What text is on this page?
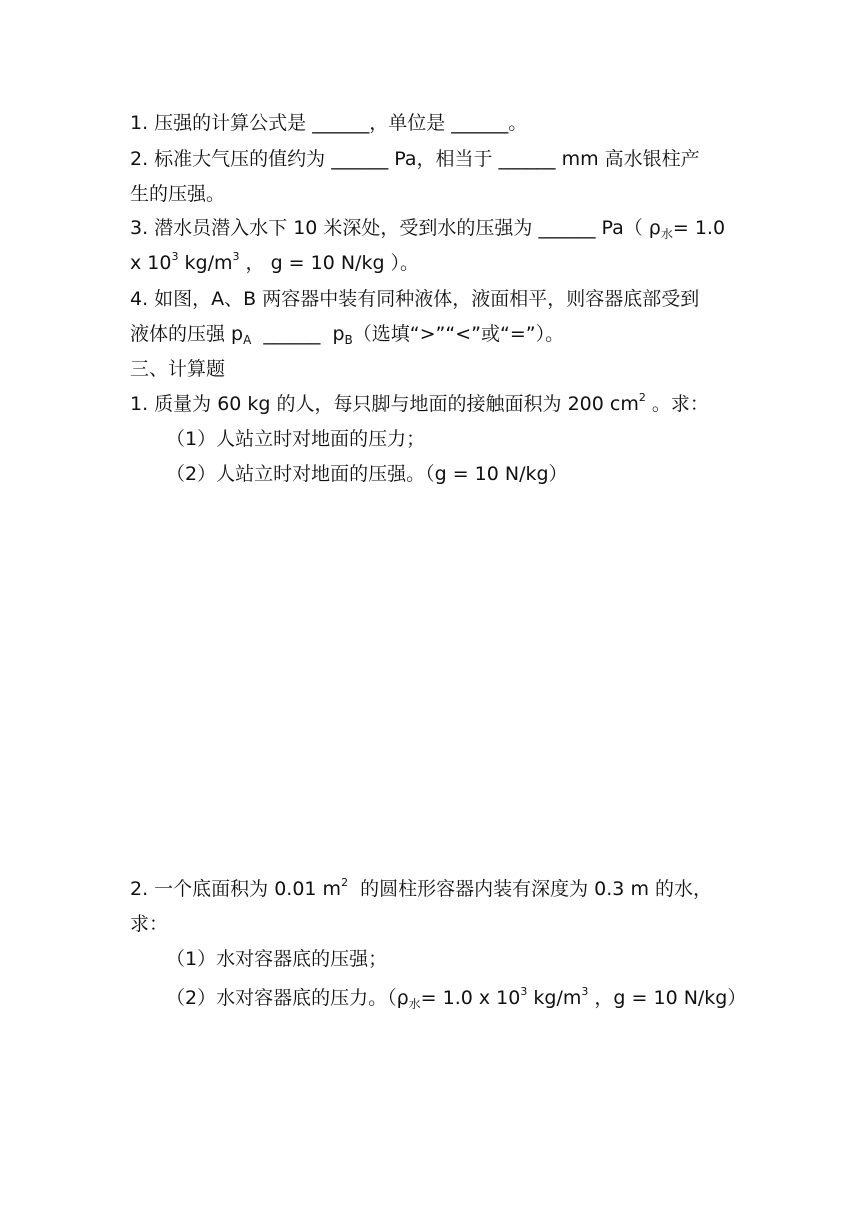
1. 压强的计算公式是 ______，单位是 ______。
2. 标准大气压的值约为 ______ Pa，相当于 ______ mm 高水银柱产
生的压强。
3. 潜水员潜入水下 10 米深处，受到水的压强为 ______ Pa（ $\rho_水= 1.0$
x $10^3$ $kg/m^3$ ， g = 10 N/kg ）。
4. 如图，A、B 两容器中装有同种液体，液面相平，则容器底部受到
液体的压强 $p_A$  ______  $p_B$（选填“>”“<”或“=”）。
三、计算题
1. 质量为 60 kg 的人，每只脚与地面的接触面积为 200 $cm^2$ 。求：
（1）人站立时对地面的压力；
（2）人站立时对地面的压强。（g = 10 N/kg）
2. 一个底面积为 0.01 $m^2$  的圆柱形容器内装有深度为 0.3 m 的水，
求：
（1）水对容器底的压强；
（2）水对容器底的压力。（$\rho_水= 1.0$ x $10^3$ $kg/m^3$ ，g = 10 N/kg）
